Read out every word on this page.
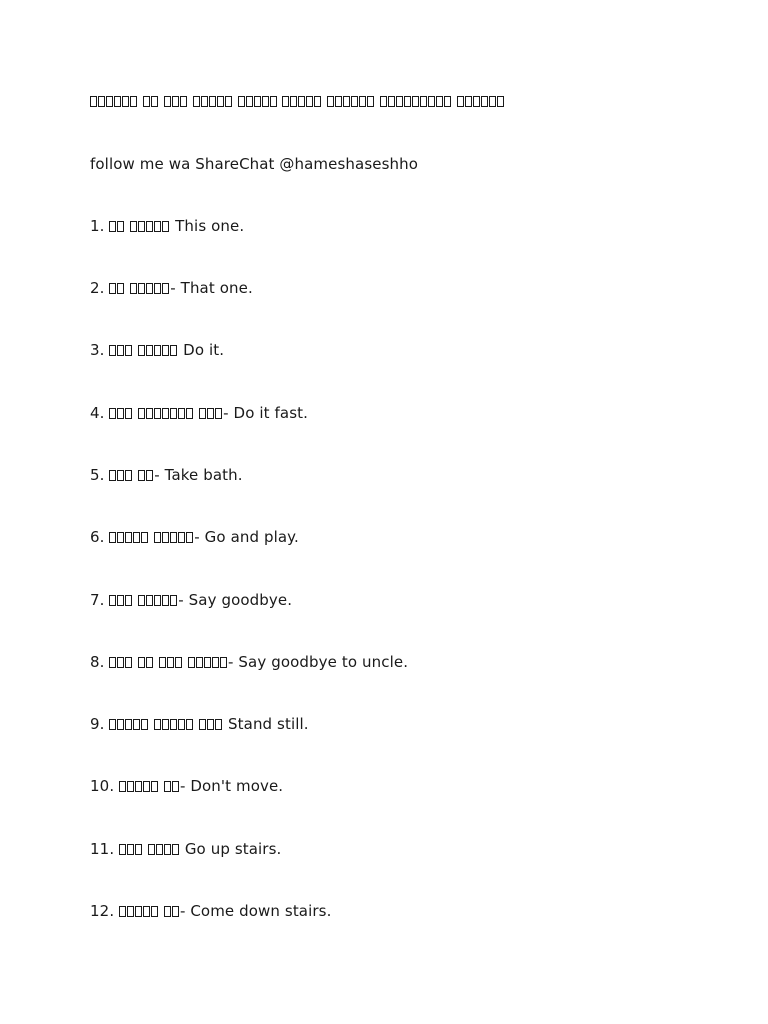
follow me wa ShareChat @hameshaseshho

1.	This one.

2.	- That one.

3.	Do it.

4.	- Do it fast.

5.	- Take bath.

6.	- Go and play.

7.	- Say goodbye.

8.	- Say goodbye to uncle.

9.	Stand still.

10.	- Don't move.

11.	Go up stairs.

12.	- Come down stairs.
